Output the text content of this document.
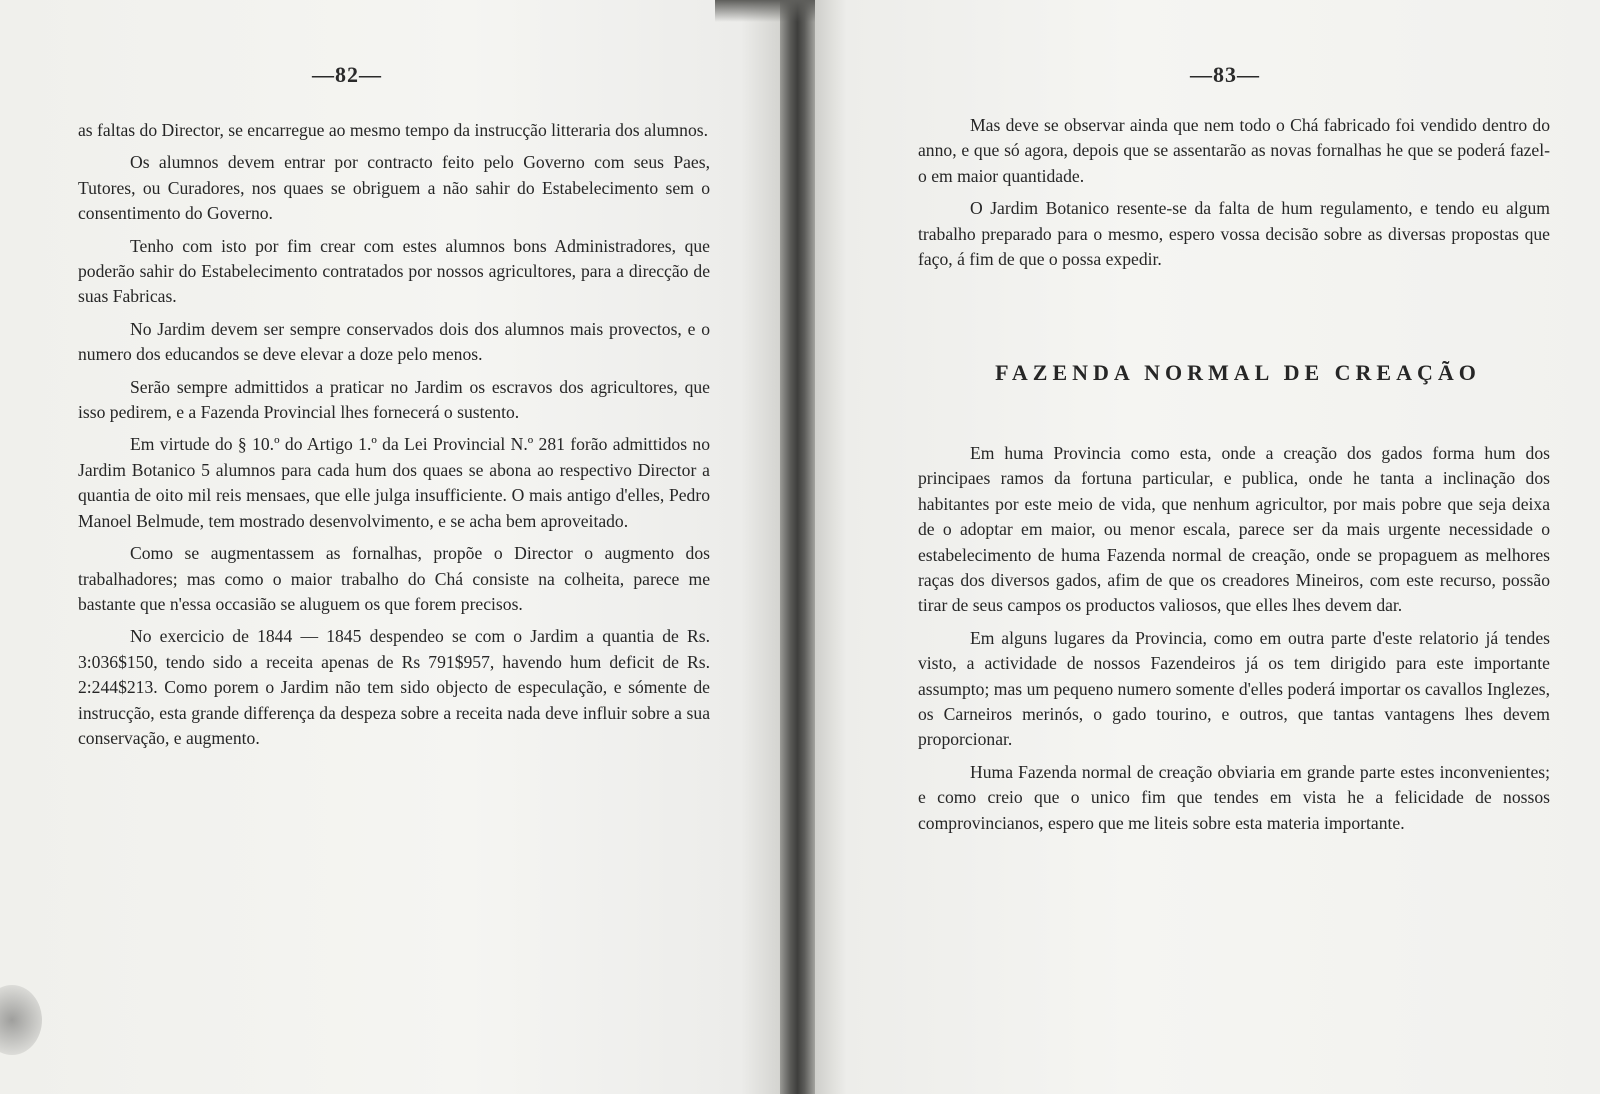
—82—

as faltas do Director, se encarregue ao mesmo tempo da instrucção litteraria dos alumnos.

Os alumnos devem entrar por contracto feito pelo Governo com seus Paes, Tutores, ou Curadores, nos quaes se obriguem a não sahir do Estabelecimento sem o consentimento do Governo.

Tenho com isto por fim crear com estes alumnos bons Administradores, que poderão sahir do Estabelecimento contratados por nossos agricultores, para a direcção de suas Fabricas.

No Jardim devem ser sempre conservados dois dos alumnos mais provectos, e o numero dos educandos se deve elevar a doze pelo menos.

Serão sempre admittidos a praticar no Jardim os escravos dos agricultores, que isso pedirem, e a Fazenda Provincial lhes fornecerá o sustento.

Em virtude do § 10.º do Artigo 1.º da Lei Provincial N.º 281 forão admittidos no Jardim Botanico 5 alumnos para cada hum dos quaes se abona ao respectivo Director a quantia de oito mil reis mensaes, que elle julga insufficiente. O mais antigo d'elles, Pedro Manoel Belmude, tem mostrado desenvolvimento, e se acha bem aproveitado.

Como se augmentassem as fornalhas, propõe o Director o augmento dos trabalhadores; mas como o maior trabalho do Chá consiste na colheita, parece me bastante que n'essa occasião se aluguem os que forem precisos.

No exercicio de 1844 — 1845 despendeo se com o Jardim a quantia de Rs. 3:036$150, tendo sido a receita apenas de Rs 791$957, havendo hum deficit de Rs. 2:244$213. Como porem o Jardim não tem sido objecto de especulação, e sómente de instrucção, esta grande differença da despeza sobre a receita nada deve influir sobre a sua conservação, e augmento.

—83—

Mas deve se observar ainda que nem todo o Chá fabricado foi vendido dentro do anno, e que só agora, depois que se assentarão as novas fornalhas he que se poderá fazel-o em maior quantidade.

O Jardim Botanico resente-se da falta de hum regulamento, e tendo eu algum trabalho preparado para o mesmo, espero vossa decisão sobre as diversas propostas que faço, á fim de que o possa expedir.

FAZENDA NORMAL DE CREAÇÃO

Em huma Provincia como esta, onde a creação dos gados forma hum dos principaes ramos da fortuna particular, e publica, onde he tanta a inclinação dos habitantes por este meio de vida, que nenhum agricultor, por mais pobre que seja deixa de o adoptar em maior, ou menor escala, parece ser da mais urgente necessidade o estabelecimento de huma Fazenda normal de creação, onde se propaguem as melhores raças dos diversos gados, afim de que os creadores Mineiros, com este recurso, possão tirar de seus campos os productos valiosos, que elles lhes devem dar.

Em alguns lugares da Provincia, como em outra parte d'este relatorio já tendes visto, a actividade de nossos Fazendeiros já os tem dirigido para este importante assumpto; mas um pequeno numero somente d'elles poderá importar os cavallos Inglezes, os Carneiros merinós, o gado tourino, e outros, que tantas vantagens lhes devem proporcionar.

Huma Fazenda normal de creação obviaria em grande parte estes inconvenientes; e como creio que o unico fim que tendes em vista he a felicidade de nossos comprovincianos, espero que me liteis sobre esta materia importante.
